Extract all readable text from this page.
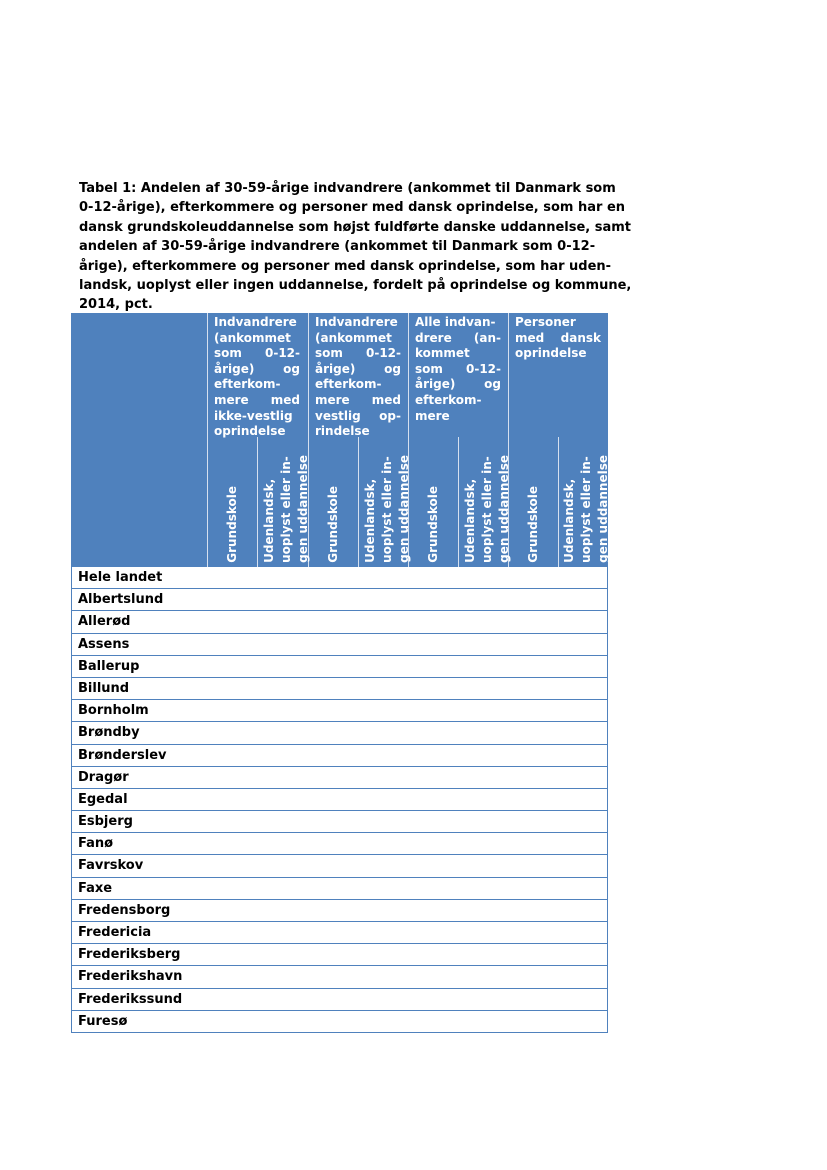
Tabel 1: Andelen af 30-59-årige indvandrere (ankommet til Danmark som
0-12-årige), efterkommere og personer med dansk oprindelse, som har en
dansk grundskoleuddannelse som højst fuldførte danske uddannelse, samt
andelen af 30-59-årige indvandrere (ankommet til Danmark som 0-12-
årige), efterkommere og personer med dansk oprindelse, som har uden-
landsk, uoplyst eller ingen uddannelse, fordelt på oprindelse og kommune,
2014, pct.
Indvandrere
(ankommet
som 0-12-
årige) og
efterkom-
mere med
ikke-vestlig
oprindelse
Indvandrere
(ankommet
som 0-12-
årige) og
efterkom-
mere med
vestlig op-
rindelse
Alle indvan-
drere (an-
kommet
som 0-12-
årige) og
efterkom-
mere
Personer
med dansk
oprindelse
Grundskole Udenlandsk, uoplyst eller in- gen uddannelse Grundskole Udenlandsk, uoplyst eller in- gen uddannelse Grundskole Udenlandsk, uoplyst eller in- gen uddannelse Grundskole Udenlandsk, uoplyst eller in- gen uddannelse
Hele landet
Albertslund
Allerød
Assens
Ballerup
Billund
Bornholm
Brøndby
Brønderslev
Dragør
Egedal
Esbjerg
Fanø
Favrskov
Faxe
Fredensborg
Fredericia
Frederiksberg
Frederikshavn
Frederikssund
Furesø
